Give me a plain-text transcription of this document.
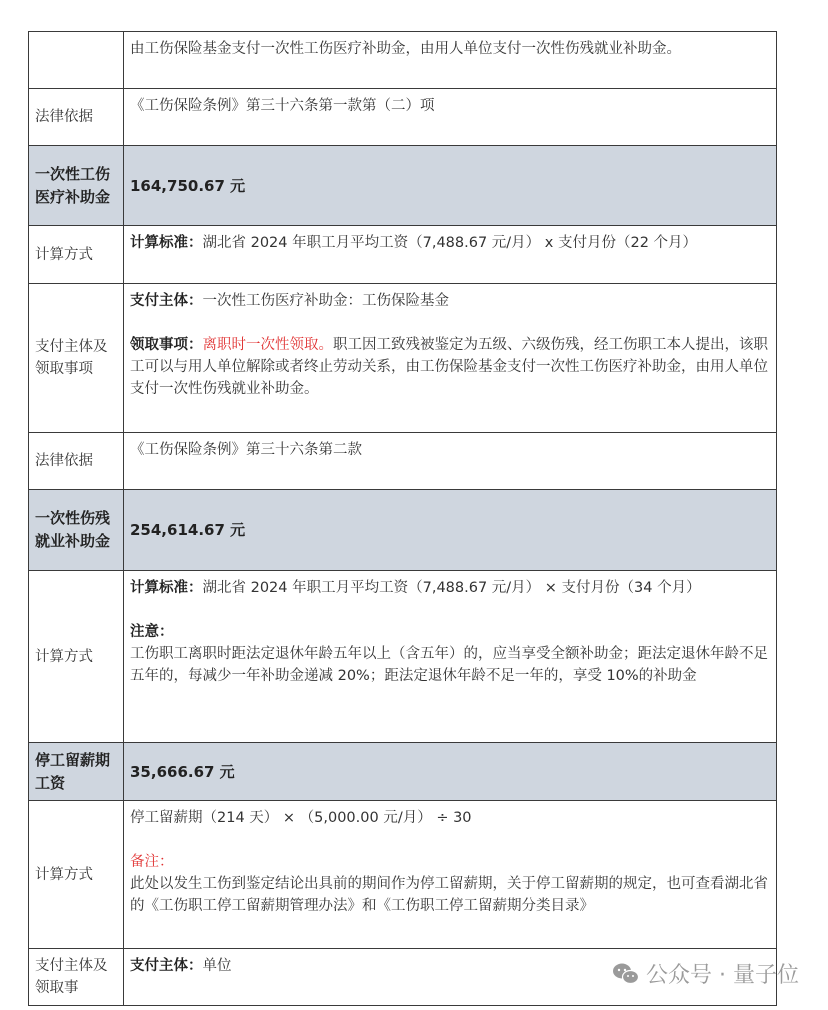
	由工伤保险基金支付一次性工伤医疗补助金，由用人单位支付一次性伤残就业补助金。
法律依据	《工伤保险条例》第三十六条第一款第（二）项
一次性工伤医疗补助金	164,750.67 元
计算方式	计算标准：湖北省 2024 年职工月平均工资（7,488.67 元/月） x 支付月份（22 个月）
支付主体及领取事项	支付主体：一次性工伤医疗补助金：工伤保险基金
领取事项：离职时一次性领取。职工因工致残被鉴定为五级、六级伤残，经工伤职工本人提出，该职工可以与用人单位解除或者终止劳动关系，由工伤保险基金支付一次性工伤医疗补助金，由用人单位支付一次性伤残就业补助金。

法律依据	《工伤保险条例》第三十六条第二款
一次性伤残就业补助金	254,614.67 元
计算方式	计算标准：湖北省 2024 年职工月平均工资（7,488.67 元/月） × 支付月份（34 个月）
注意：
工伤职工离职时距法定退休年龄五年以上（含五年）的，应当享受全额补助金；距法定退休年龄不足五年的，每减少一年补助金递减 20%；距法定退休年龄不足一年的，享受 10%的补助金

停工留薪期工资	35,666.67 元
计算方式	停工留薪期（214 天） × （5,000.00 元/月） ÷ 30
备注：
此处以发生工伤到鉴定结论出具前的期间作为停工留薪期，关于停工留薪期的规定，也可查看湖北省的《工伤职工停工留薪期管理办法》和《工伤职工停工留薪期分类目录》

支付主体及领取事	支付主体：单位	公众号 · 量子位
